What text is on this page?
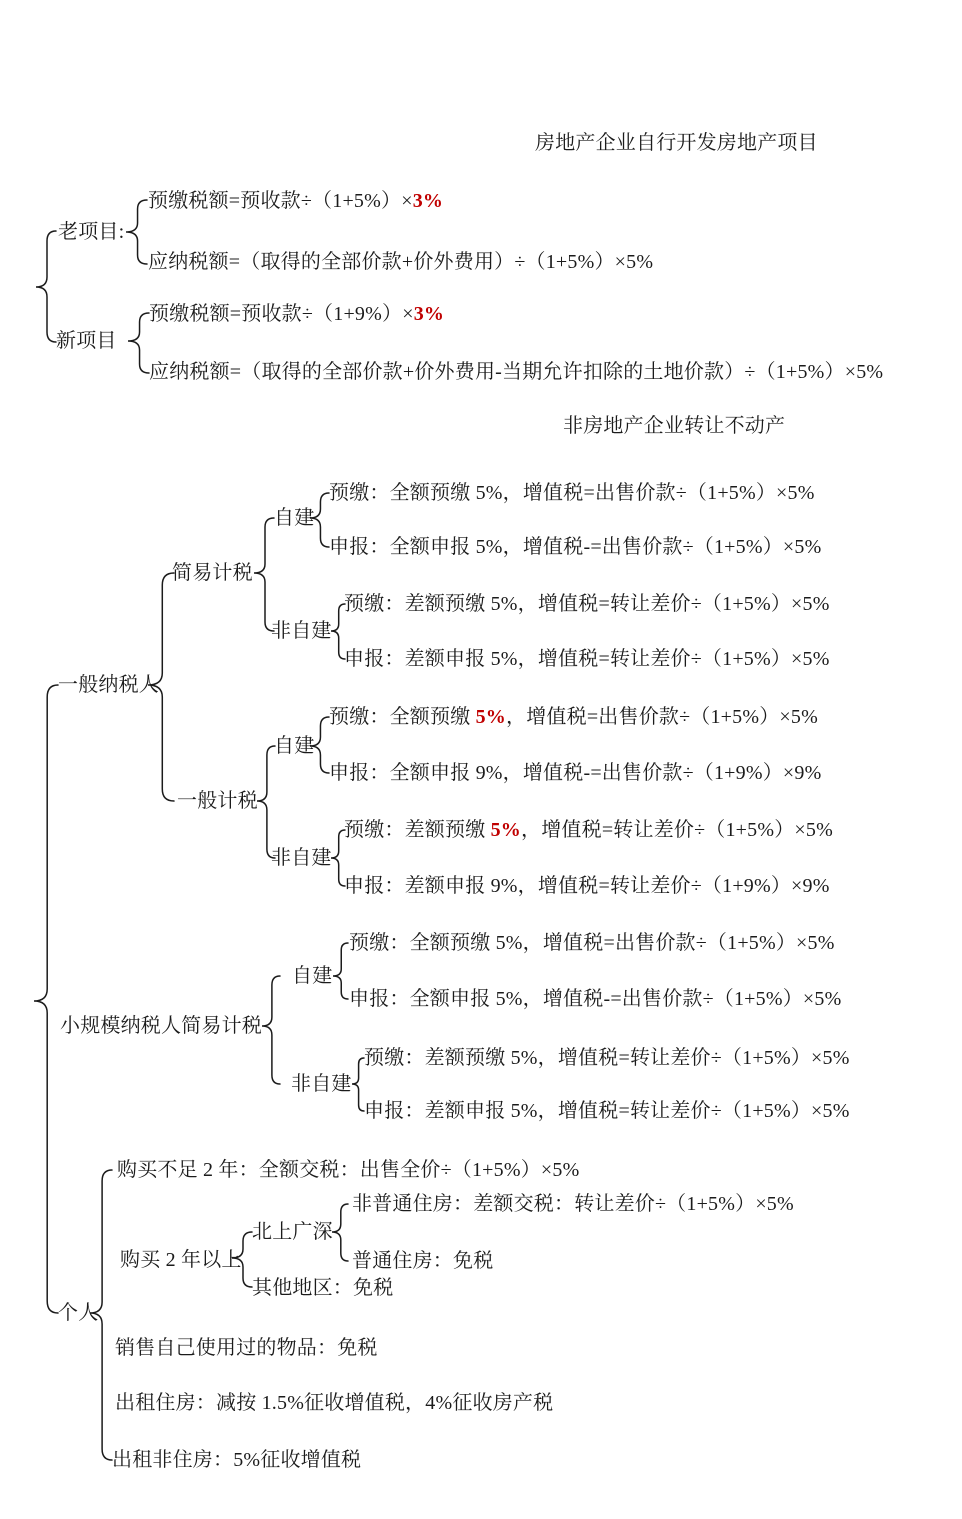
房地产企业自行开发房地产项目
老项目:
预缴税额=预收款÷（1+5%）×3%
应纳税额=（取得的全部价款+价外费用）÷（1+5%）×5%
新项目
预缴税额=预收款÷（1+9%）×3%
应纳税额=（取得的全部价款+价外费用-当期允许扣除的土地价款）÷（1+5%）×5%
非房地产企业转让不动产
一般纳税人
简易计税
自建
预缴：全额预缴 5%，增值税=出售价款÷（1+5%）×5%
申报：全额申报 5%，增值税-=出售价款÷（1+5%）×5%
非自建
预缴：差额预缴 5%，增值税=转让差价÷（1+5%）×5%
申报：差额申报 5%，增值税=转让差价÷（1+5%）×5%
一般计税
自建
预缴：全额预缴 5%，增值税=出售价款÷（1+5%）×5%
申报：全额申报 9%，增值税-=出售价款÷（1+9%）×9%
非自建
预缴：差额预缴 5%，增值税=转让差价÷（1+5%）×5%
申报：差额申报 9%，增值税=转让差价÷（1+9%）×9%
小规模纳税人简易计税
自建
预缴：全额预缴 5%，增值税=出售价款÷（1+5%）×5%
申报：全额申报 5%，增值税-=出售价款÷（1+5%）×5%
非自建
预缴：差额预缴 5%，增值税=转让差价÷（1+5%）×5%
申报：差额申报 5%，增值税=转让差价÷（1+5%）×5%
个人
购买不足 2 年：全额交税：出售全价÷（1+5%）×5%
购买 2 年以上
北上广深
非普通住房：差额交税：转让差价÷（1+5%）×5%
普通住房：免税
其他地区：免税
销售自己使用过的物品：免税
出租住房：减按 1.5%征收增值税，4%征收房产税
出租非住房：5%征收增值税
